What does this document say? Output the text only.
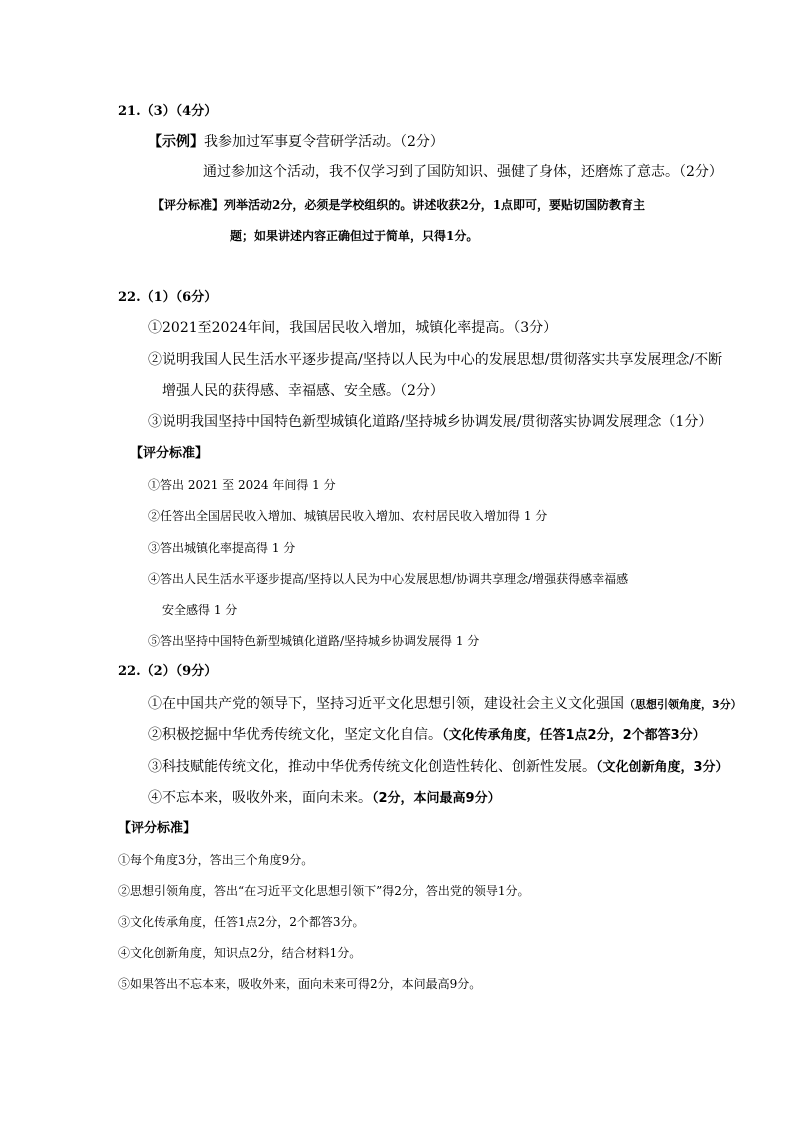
21.（3）（4分）
【示例】我参加过军事夏令营研学活动。（2分）
通过参加这个活动，我不仅学习到了国防知识、强健了身体，还磨炼了意志。（2分）
【评分标准】列举活动2分，必须是学校组织的。讲述收获2分，1点即可，要贴切国防教育主
题；如果讲述内容正确但过于简单，只得1分。
22.（1）（6分）
①2021至2024年间，我国居民收入增加，城镇化率提高。（3分）
②说明我国人民生活水平逐步提高/坚持以人民为中心的发展思想/贯彻落实共享发展理念/不断
增强人民的获得感、幸福感、安全感。（2分）
③说明我国坚持中国特色新型城镇化道路/坚持城乡协调发展/贯彻落实协调发展理念（1分）
【评分标准】
①答出 2021 至 2024 年间得 1 分
②任答出全国居民收入增加、城镇居民收入增加、农村居民收入增加得 1 分
③答出城镇化率提高得 1 分
④答出人民生活水平逐步提高/坚持以人民为中心发展思想/协调共享理念/增强获得感幸福感
安全感得 1 分
⑤答出坚持中国特色新型城镇化道路/坚持城乡协调发展得 1 分
22.（2）（9分）
①在中国共产党的领导下，坚持习近平文化思想引领，建设社会主义文化强国（思想引领角度，3分）
②积极挖掘中华优秀传统文化，坚定文化自信。（文化传承角度，任答1点2分，2个都答3分）
③科技赋能传统文化，推动中华优秀传统文化创造性转化、创新性发展。（文化创新角度，3分）
④不忘本来，吸收外来，面向未来。（2分，本问最高9分）
【评分标准】
①每个角度3分，答出三个角度9分。
②思想引领角度，答出“在习近平文化思想引领下”得2分，答出党的领导1分。
③文化传承角度，任答1点2分，2个都答3分。
④文化创新角度，知识点2分，结合材料1分。
⑤如果答出不忘本来，吸收外来，面向未来可得2分，本问最高9分。
